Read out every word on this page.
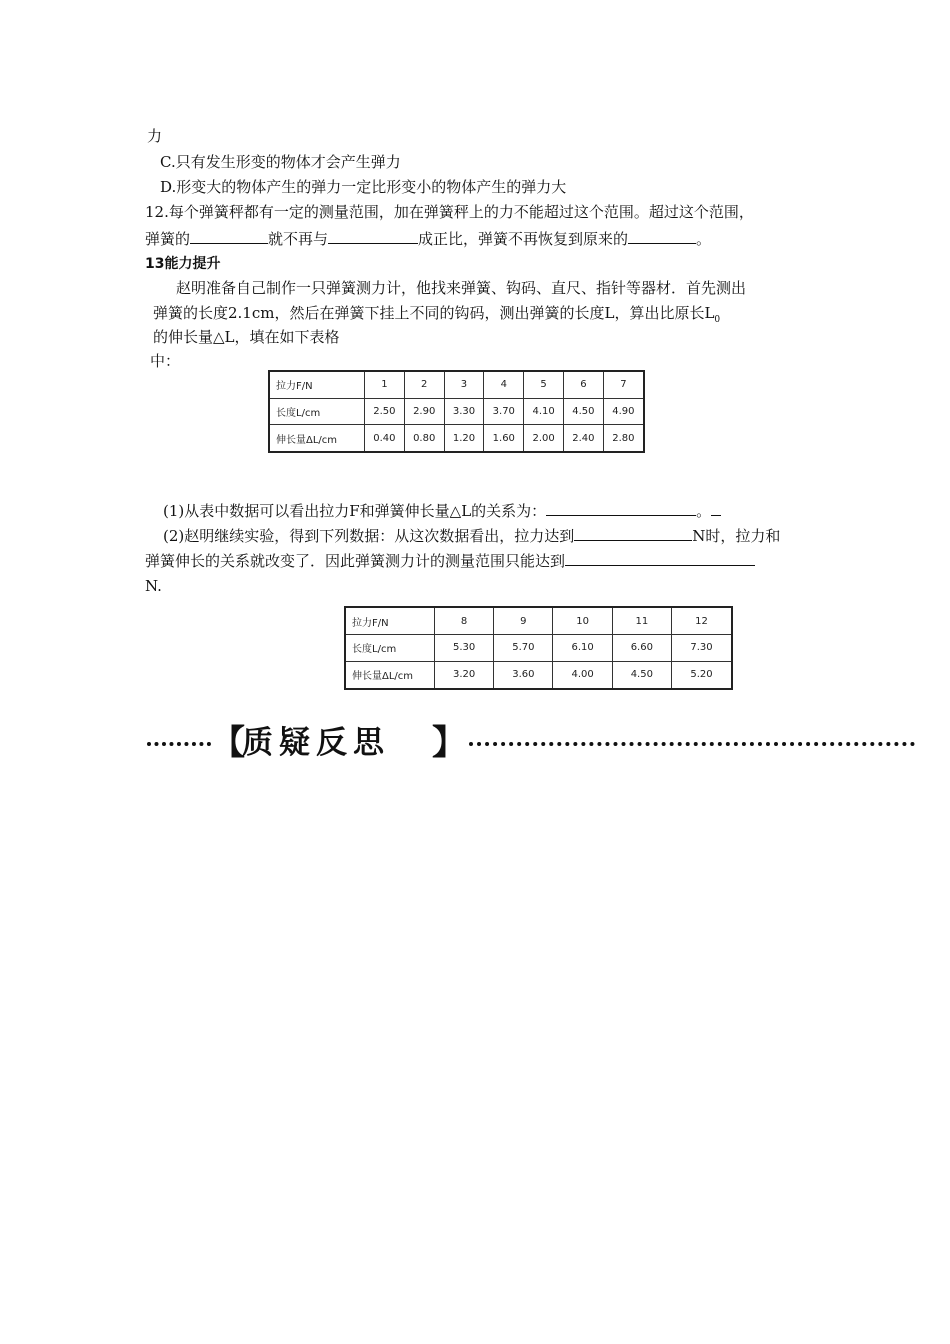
力
C.只有发生形变的物体才会产生弹力
D.形变大的物体产生的弹力一定比形变小的物体产生的弹力大
12.每个弹簧秤都有一定的测量范围，加在弹簧秤上的力不能超过这个范围。超过这个范围，
弹簧的	就不再与	成正比，弹簧不再恢复到原来的	。
13能力提升
赵明准备自己制作一只弹簧测力计，他找来弹簧、钩码、直尺、指针等器材．首先测出
弹簧的长度2.1cm，然后在弹簧下挂上不同的钩码，测出弹簧的长度L，算出比原长$L_0$
的伸长量△L，填在如下表格
中：
拉力F/N	1	2	3	4	5	6	7
长度L/cm	2.50	2.90	3.30	3.70	4.10	4.50	4.90
伸长量ΔL/cm	0.40	0.80	1.20	1.60	2.00	2.40	2.80
(1)从表中数据可以看出拉力F和弹簧伸长量△L的关系为：	。
(2)赵明继续实验，得到下列数据：从这次数据看出，拉力达到	N时，拉力和
弹簧伸长的关系就改变了．因此弹簧测力计的测量范围只能达到
N.
拉力F/N	8	9	10	11	12
长度L/cm	5.30	5.70	6.10	6.60	7.30
伸长量ΔL/cm	3.20	3.60	4.00	4.50	5.20
【
质疑反思 】
